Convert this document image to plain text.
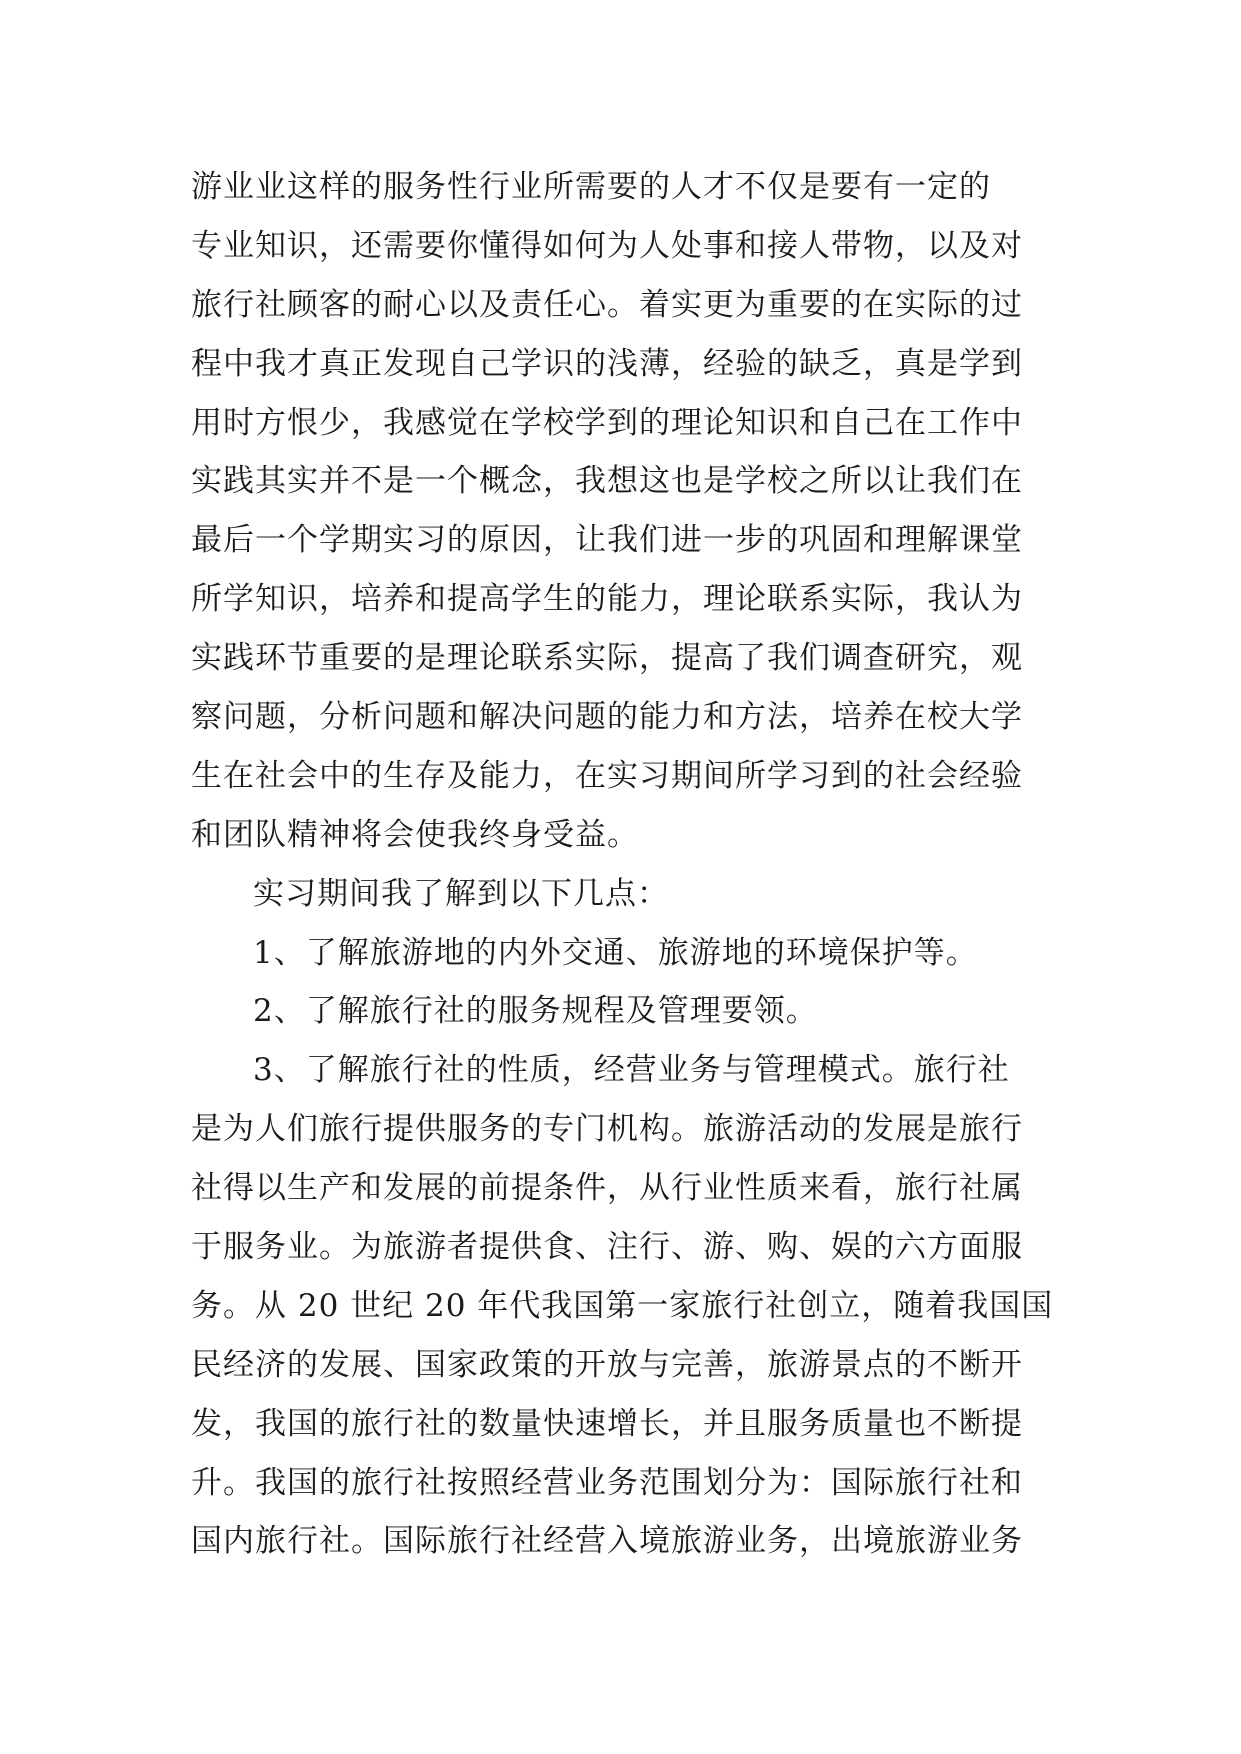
游业业这样的服务性行业所需要的人才不仅是要有一定的
专业知识，还需要你懂得如何为人处事和接人带物，以及对
旅行社顾客的耐心以及责任心。着实更为重要的在实际的过
程中我才真正发现自己学识的浅薄，经验的缺乏，真是学到
用时方恨少，我感觉在学校学到的理论知识和自己在工作中
实践其实并不是一个概念，我想这也是学校之所以让我们在
最后一个学期实习的原因，让我们进一步的巩固和理解课堂
所学知识，培养和提高学生的能力，理论联系实际，我认为
实践环节重要的是理论联系实际，提高了我们调查研究，观
察问题，分析问题和解决问题的能力和方法，培养在校大学
生在社会中的生存及能力，在实习期间所学习到的社会经验
和团队精神将会使我终身受益。
实习期间我了解到以下几点：
1、了解旅游地的内外交通、旅游地的环境保护等。
2、了解旅行社的服务规程及管理要领。
3、了解旅行社的性质，经营业务与管理模式。旅行社
是为人们旅行提供服务的专门机构。旅游活动的发展是旅行
社得以生产和发展的前提条件，从行业性质来看，旅行社属
于服务业。为旅游者提供食、注行、游、购、娱的六方面服
务。从 20 世纪 20 年代我国第一家旅行社创立，随着我国国
民经济的发展、国家政策的开放与完善，旅游景点的不断开
发，我国的旅行社的数量快速增长，并且服务质量也不断提
升。我国的旅行社按照经营业务范围划分为：国际旅行社和
国内旅行社。国际旅行社经营入境旅游业务，出境旅游业务
